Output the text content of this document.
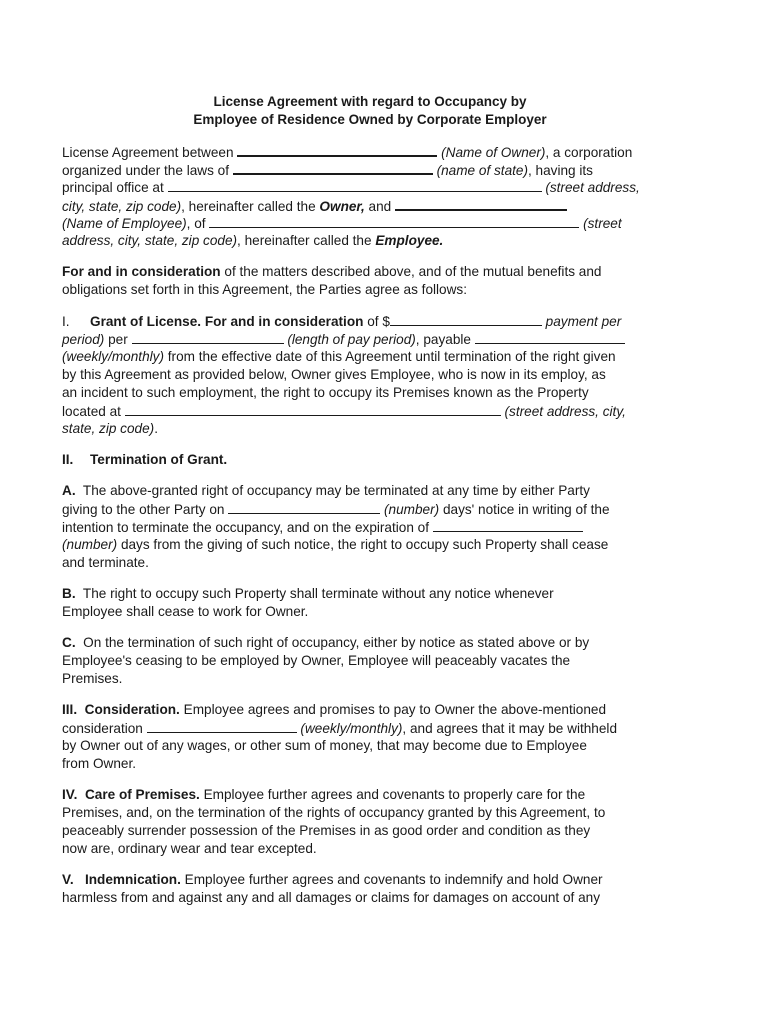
License Agreement with regard to Occupancy by
Employee of Residence Owned by Corporate Employer
License Agreement between	(Name of Owner), a corporation
organized under the laws of	(name of state), having its
principal office at	(street address,
city, state, zip code), hereinafter called the Owner, and
(Name of Employee), of	(street
address, city, state, zip code), hereinafter called the Employee.
For and in consideration of the matters described above, and of the mutual benefits and
obligations set forth in this Agreement, the Parties agree as follows:
I. Grant of License. For and in consideration of $	payment per
period) per	(length of pay period), payable
(weekly/monthly) from the effective date of this Agreement until termination of the right given
by this Agreement as provided below, Owner gives Employee, who is now in its employ, as
an incident to such employment, the right to occupy its Premises known as the Property
located at	(street address, city,
state, zip code).
II. Termination of Grant.
A. The above-granted right of occupancy may be terminated at any time by either Party
giving to the other Party on	(number) days' notice in writing of the
intention to terminate the occupancy, and on the expiration of
(number) days from the giving of such notice, the right to occupy such Property shall cease
and terminate.
B. The right to occupy such Property shall terminate without any notice whenever
Employee shall cease to work for Owner.
C. On the termination of such right of occupancy, either by notice as stated above or by
Employee's ceasing to be employed by Owner, Employee will peaceably vacates the
Premises.
III. Consideration. Employee agrees and promises to pay to Owner the above-mentioned
consideration	(weekly/monthly), and agrees that it may be withheld
by Owner out of any wages, or other sum of money, that may become due to Employee
from Owner.
IV. Care of Premises. Employee further agrees and covenants to properly care for the
Premises, and, on the termination of the rights of occupancy granted by this Agreement, to
peaceably surrender possession of the Premises in as good order and condition as they
now are, ordinary wear and tear excepted.
V. Indemnication. Employee further agrees and covenants to indemnify and hold Owner
harmless from and against any and all damages or claims for damages on account of any
